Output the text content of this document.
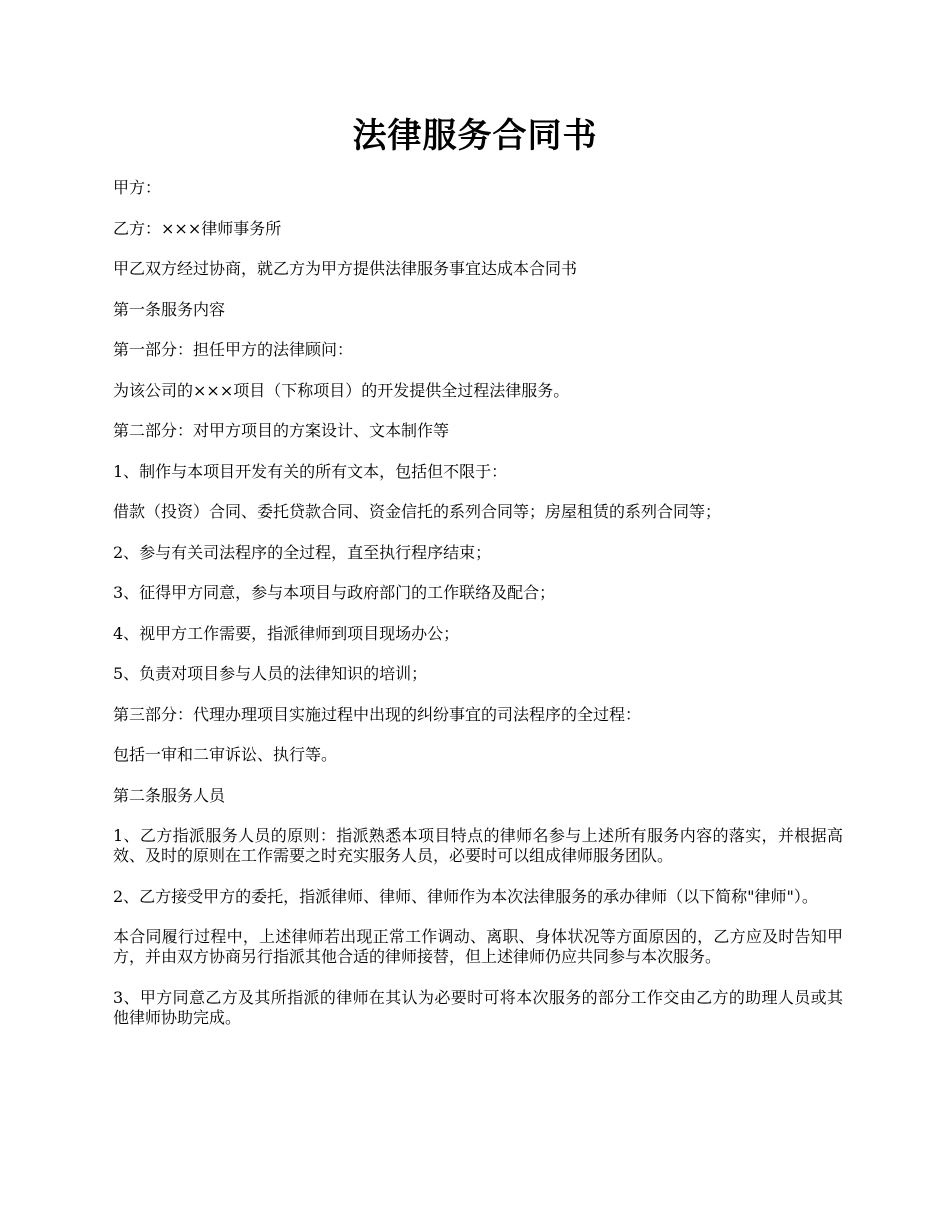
法律服务合同书

甲方：

乙方：×××律师事务所

甲乙双方经过协商，就乙方为甲方提供法律服务事宜达成本合同书

第一条服务内容

第一部分：担任甲方的法律顾问：

为该公司的×××项目（下称项目）的开发提供全过程法律服务。

第二部分：对甲方项目的方案设计、文本制作等

1、制作与本项目开发有关的所有文本，包括但不限于：

借款（投资）合同、委托贷款合同、资金信托的系列合同等；房屋租赁的系列合同等；

2、参与有关司法程序的全过程，直至执行程序结束；

3、征得甲方同意，参与本项目与政府部门的工作联络及配合；

4、视甲方工作需要，指派律师到项目现场办公；

5、负责对项目参与人员的法律知识的培训；

第三部分：代理办理项目实施过程中出现的纠纷事宜的司法程序的全过程：

包括一审和二审诉讼、执行等。

第二条服务人员

1、乙方指派服务人员的原则：指派熟悉本项目特点的律师名参与上述所有服务内容的落实，并根据高效、及时的原则在工作需要之时充实服务人员，必要时可以组成律师服务团队。

2、乙方接受甲方的委托，指派律师、律师、律师作为本次法律服务的承办律师（以下简称"律师"）。

本合同履行过程中，上述律师若出现正常工作调动、离职、身体状况等方面原因的，乙方应及时告知甲方，并由双方协商另行指派其他合适的律师接替，但上述律师仍应共同参与本次服务。

3、甲方同意乙方及其所指派的律师在其认为必要时可将本次服务的部分工作交由乙方的助理人员或其他律师协助完成。
